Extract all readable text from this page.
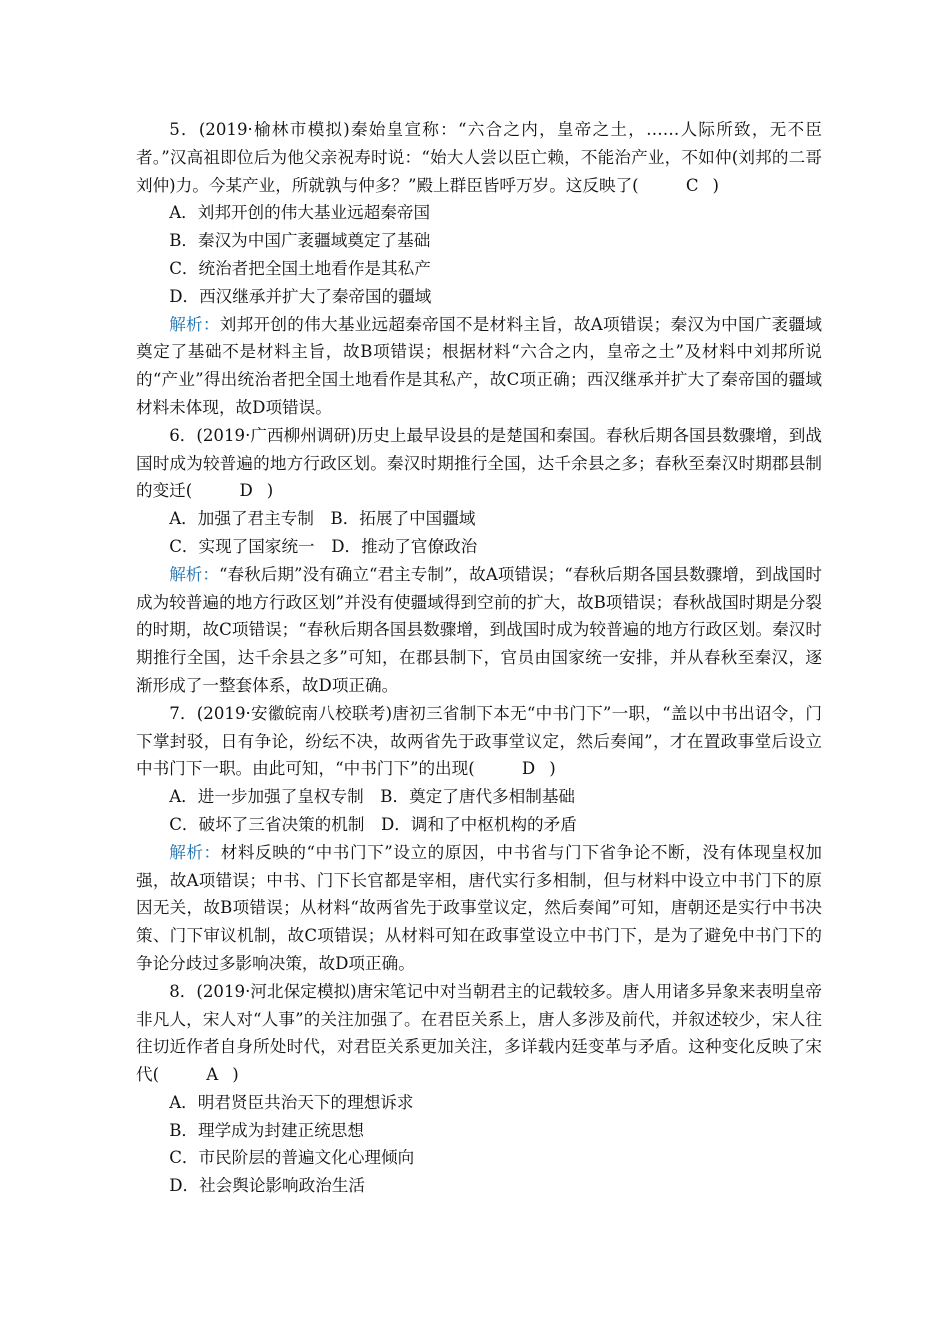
5．(2019·榆林市模拟)秦始皇宣称：“六合之内，皇帝之土，……人际所致，无不臣者。”汉高祖即位后为他父亲祝寿时说：“始大人尝以臣亡赖，不能治产业，不如仲(刘邦的二哥刘仲)力。今某产业，所就孰与仲多？”殿上群臣皆呼万岁。这反映了(	C )

A．刘邦开创的伟大基业远超秦帝国

B．秦汉为中国广袤疆域奠定了基础

C．统治者把全国土地看作是其私产

D．西汉继承并扩大了秦帝国的疆域

解析：刘邦开创的伟大基业远超秦帝国不是材料主旨，故A项错误；秦汉为中国广袤疆域奠定了基础不是材料主旨，故B项错误；根据材料“六合之内，皇帝之土”及材料中刘邦所说的“产业”得出统治者把全国土地看作是其私产，故C项正确；西汉继承并扩大了秦帝国的疆域材料未体现，故D项错误。

6．(2019·广西柳州调研)历史上最早设县的是楚国和秦国。春秋后期各国县数骤增，到战国时成为较普遍的地方行政区划。秦汉时期推行全国，达千余县之多；春秋至秦汉时期郡县制的变迁(	D )

A．加强了君主专制　B．拓展了中国疆域

C．实现了国家统一　D．推动了官僚政治

解析：“春秋后期”没有确立“君主专制”，故A项错误；“春秋后期各国县数骤增，到战国时成为较普遍的地方行政区划”并没有使疆域得到空前的扩大，故B项错误；春秋战国时期是分裂的时期，故C项错误；“春秋后期各国县数骤增，到战国时成为较普遍的地方行政区划。秦汉时期推行全国，达千余县之多”可知，在郡县制下，官员由国家统一安排，并从春秋至秦汉，逐渐形成了一整套体系，故D项正确。

7．(2019·安徽皖南八校联考)唐初三省制下本无“中书门下”一职，“盖以中书出诏令，门下掌封驳，日有争论，纷纭不决，故两省先于政事堂议定，然后奏闻”，才在置政事堂后设立中书门下一职。由此可知，“中书门下”的出现(	D )

A．进一步加强了皇权专制　B．奠定了唐代多相制基础

C．破坏了三省决策的机制　D．调和了中枢机构的矛盾

解析：材料反映的“中书门下”设立的原因，中书省与门下省争论不断，没有体现皇权加强，故A项错误；中书、门下长官都是宰相，唐代实行多相制，但与材料中设立中书门下的原因无关，故B项错误；从材料“故两省先于政事堂议定，然后奏闻”可知，唐朝还是实行中书决策、门下审议机制，故C项错误；从材料可知在政事堂设立中书门下，是为了避免中书门下的争论分歧过多影响决策，故D项正确。

8．(2019·河北保定模拟)唐宋笔记中对当朝君主的记载较多。唐人用诸多异象来表明皇帝非凡人，宋人对“人事”的关注加强了。在君臣关系上，唐人多涉及前代，并叙述较少，宋人往往切近作者自身所处时代，对君臣关系更加关注，多详载内廷变革与矛盾。这种变化反映了宋代(	A )

A．明君贤臣共治天下的理想诉求

B．理学成为封建正统思想

C．市民阶层的普遍文化心理倾向

D．社会舆论影响政治生活
